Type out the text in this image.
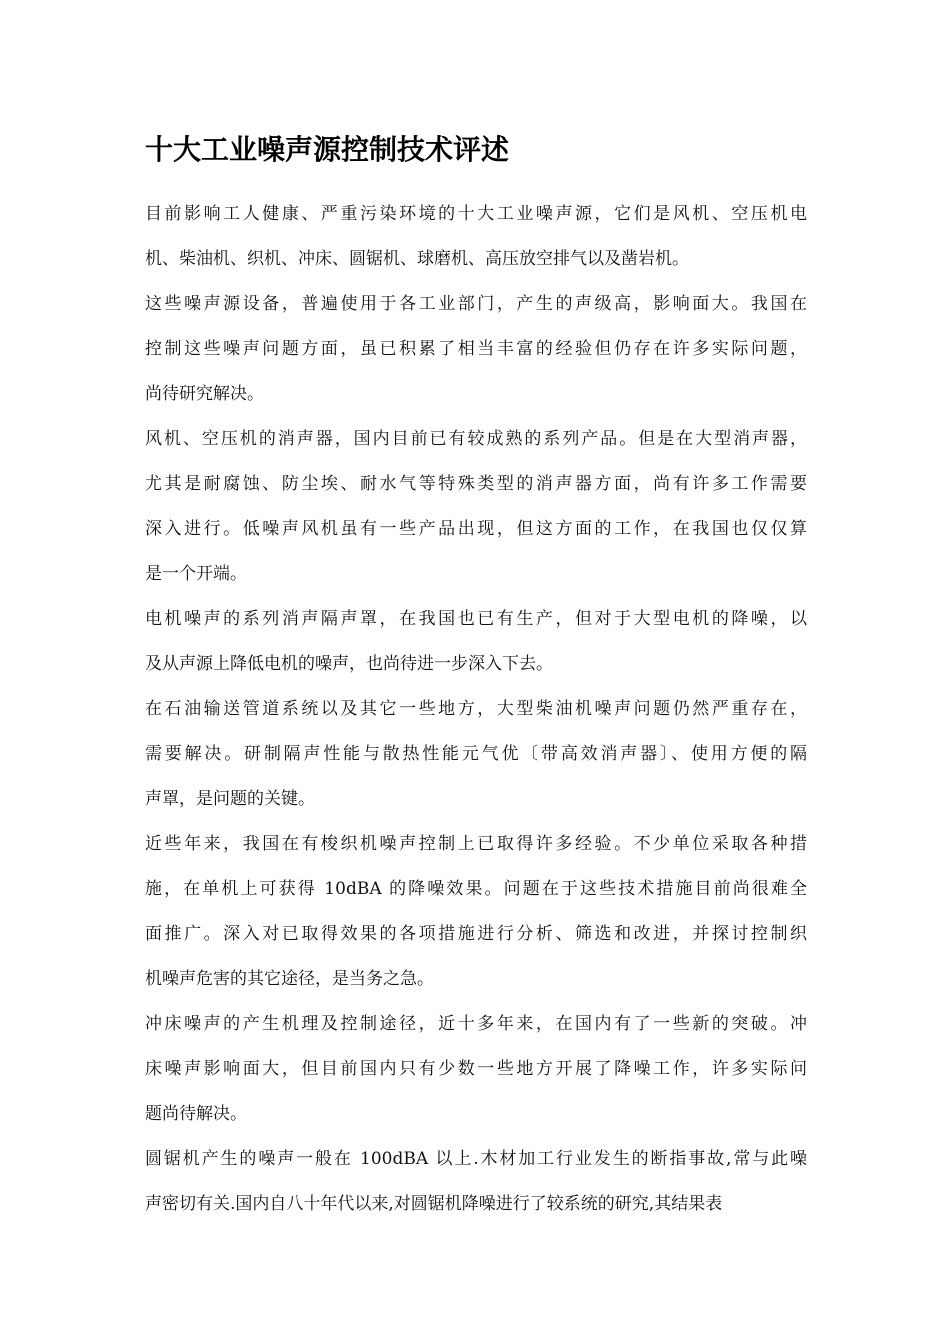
十大工业噪声源控制技术评述
目前影响工人健康、严重污染环境的十大工业噪声源，它们是风机、空压机电
机、柴油机、织机、冲床、圆锯机、球磨机、高压放空排气以及凿岩机。
这些噪声源设备，普遍使用于各工业部门，产生的声级高，影响面大。我国在
控制这些噪声问题方面，虽已积累了相当丰富的经验但仍存在许多实际问题，
尚待研究解决。
风机、空压机的消声器，国内目前已有较成熟的系列产品。但是在大型消声器，
尤其是耐腐蚀、防尘埃、耐水气等特殊类型的消声器方面，尚有许多工作需要
深入进行。低噪声风机虽有一些产品出现，但这方面的工作，在我国也仅仅算
是一个开端。
电机噪声的系列消声隔声罩，在我国也已有生产，但对于大型电机的降噪，以
及从声源上降低电机的噪声，也尚待进一步深入下去。
在石油输送管道系统以及其它一些地方，大型柴油机噪声问题仍然严重存在，
需要解决。研制隔声性能与散热性能元气优〔带高效消声器〕、使用方便的隔
声罩，是问题的关键。
近些年来，我国在有梭织机噪声控制上已取得许多经验。不少单位采取各种措
施，在单机上可获得 10dBA 的降噪效果。问题在于这些技术措施目前尚很难全
面推广。深入对已取得效果的各项措施进行分析、筛选和改进，并探讨控制织
机噪声危害的其它途径，是当务之急。
冲床噪声的产生机理及控制途径，近十多年来，在国内有了一些新的突破。冲
床噪声影响面大，但目前国内只有少数一些地方开展了降噪工作，许多实际问
题尚待解决。
圆锯机产生的噪声一般在 100dBA 以上.木材加工行业发生的断指事故,常与此噪
声密切有关.国内自八十年代以来,对圆锯机降噪进行了较系统的研究,其结果表
